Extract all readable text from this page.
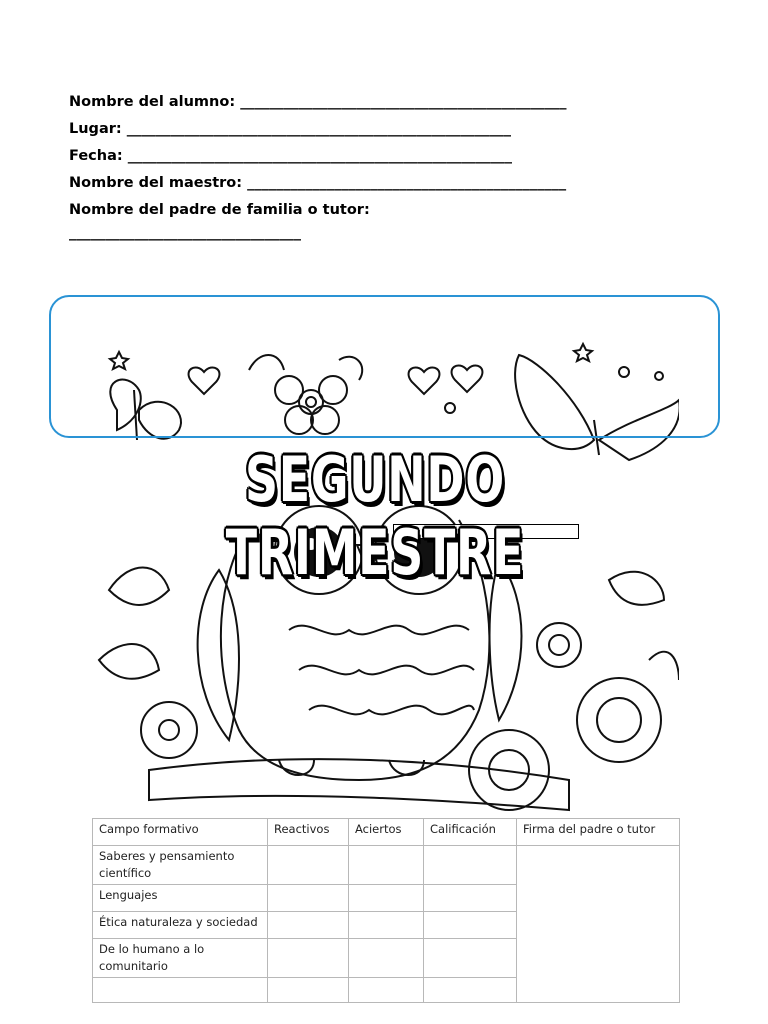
Nombre del alumno: _____________________________________________
Lugar: _____________________________________________________
Fecha: _____________________________________________________
Nombre del maestro: ____________________________________________
Nombre del padre de familia o tutor:
________________________________
SEGUNDO TRIMESTRE
Campo formativo	Reactivos	Aciertos	Calificación	Firma del padre o tutor
Saberes y pensamiento científico				
Lenguajes				
Ética naturaleza y sociedad				
De lo humano a lo comunitario				
